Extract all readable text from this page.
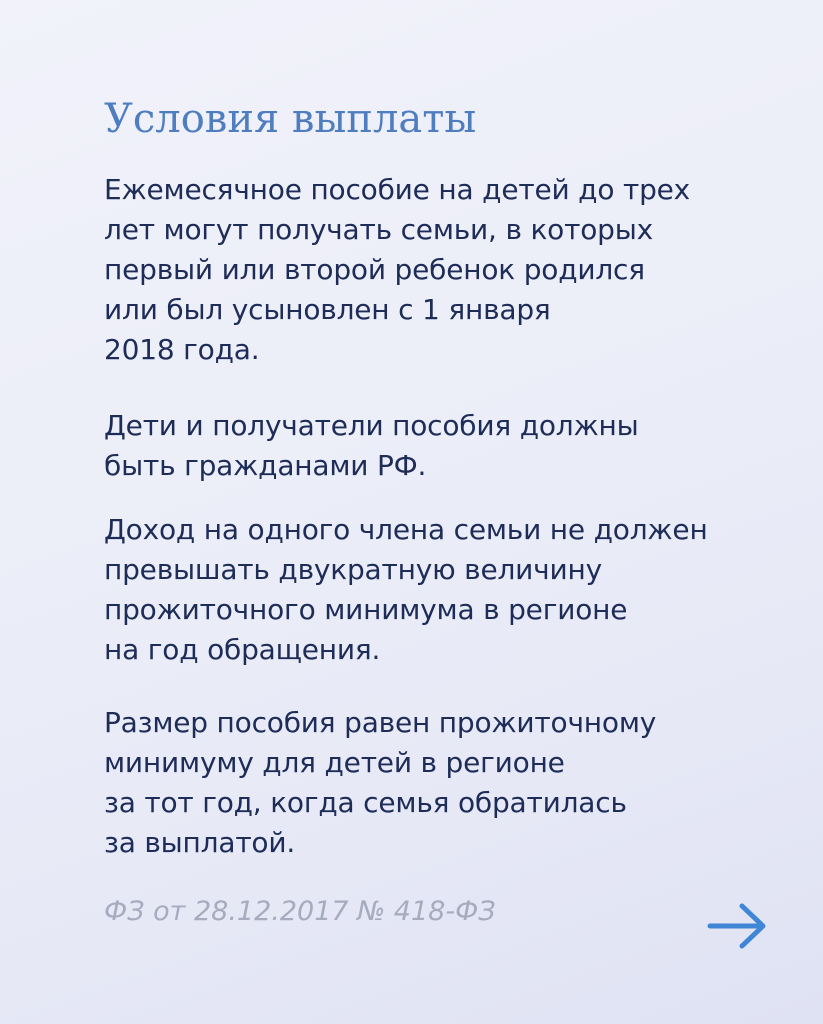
Условия выплаты

Ежемесячное пособие на детей до трех
лет могут получать семьи, в которых
первый или второй ребенок родился
или был усыновлен с 1 января
2018 года.

Дети и получатели пособия должны
быть гражданами РФ.

Доход на одного члена семьи не должен
превышать двукратную величину
прожиточного минимума в регионе
на год обращения.

Размер пособия равен прожиточному
минимуму для детей в регионе
за тот год, когда семья обратилась
за выплатой.

ФЗ от 28.12.2017 № 418-ФЗ
